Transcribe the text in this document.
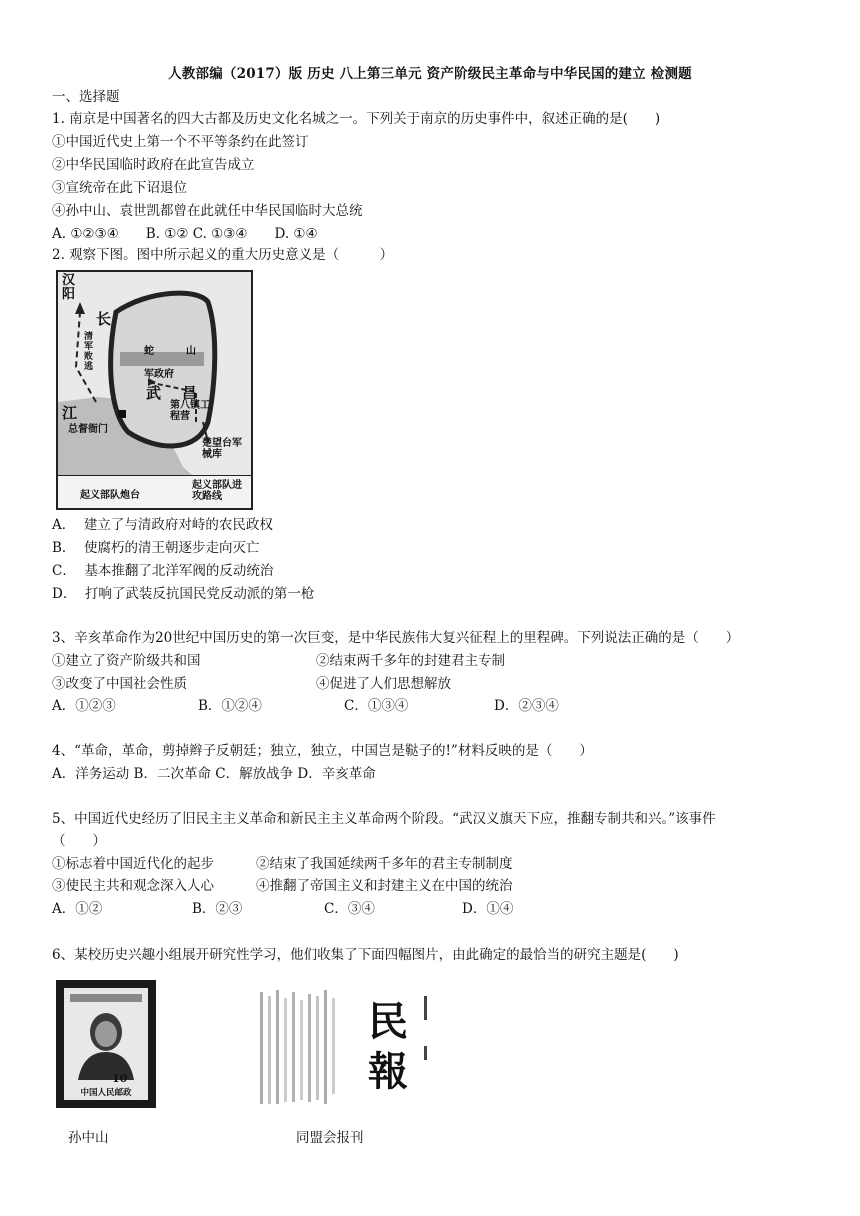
人教部编（2017）版 历史 八上第三单元 资产阶级民主革命与中华民国的建立 检测题
一、选择题
1. 南京是中国著名的四大古都及历史文化名城之一。下列关于南京的历史事件中，叙述正确的是(　　)
①中国近代史上第一个不平等条约在此签订
②中华民国临时政府在此宣告成立
③宣统帝在此下诏退位
④孙中山、袁世凯都曾在此就任中华民国临时大总统
A. ①②③④　　B. ①② C. ①③④　　D. ①④
2. 观察下图。图中所示起义的重大历史意义是（　　　）
汉阳
长
清军败逃
蛇	山
军政府
武 昌
第八镇工程营
江
总督衙门
楚望台军械库
起义部队炮台
起义部队进攻路线
A． 建立了与清政府对峙的农民政权
B． 使腐朽的清王朝逐步走向灭亡
C． 基本推翻了北洋军阀的反动统治
D． 打响了武装反抗国民党反动派的第一枪
3、辛亥革命作为20世纪中国历史的第一次巨变，是中华民族伟大复兴征程上的里程碑。下列说法正确的是（　　）
①建立了资产阶级共和国	②结束两千多年的封建君主专制
③改变了中国社会性质	④促进了人们思想解放
A．①②③	B．①②④	C．①③④	D．②③④
4、“革命，革命，剪掉辫子反朝廷；独立，独立，中国岂是鞑子的!”材料反映的是（　　）
A．洋务运动 B．二次革命 C．解放战争 D．辛亥革命
5、中国近代史经历了旧民主主义革命和新民主主义革命两个阶段。“武汉义旗天下应，推翻专制共和兴。”该事件
（　　）
①标志着中国近代化的起步	②结束了我国延续两千多年的君主专制制度
③使民主共和观念深入人心	④推翻了帝国主义和封建主义在中国的统治
A．①②	B．②③	C．③④	D．①④
6、某校历史兴趣小组展开研究性学习，他们收集了下面四幅图片，由此确定的最恰当的研究主题是(　　)
10
中国人民邮政
民
報
孙中山	同盟会报刊
